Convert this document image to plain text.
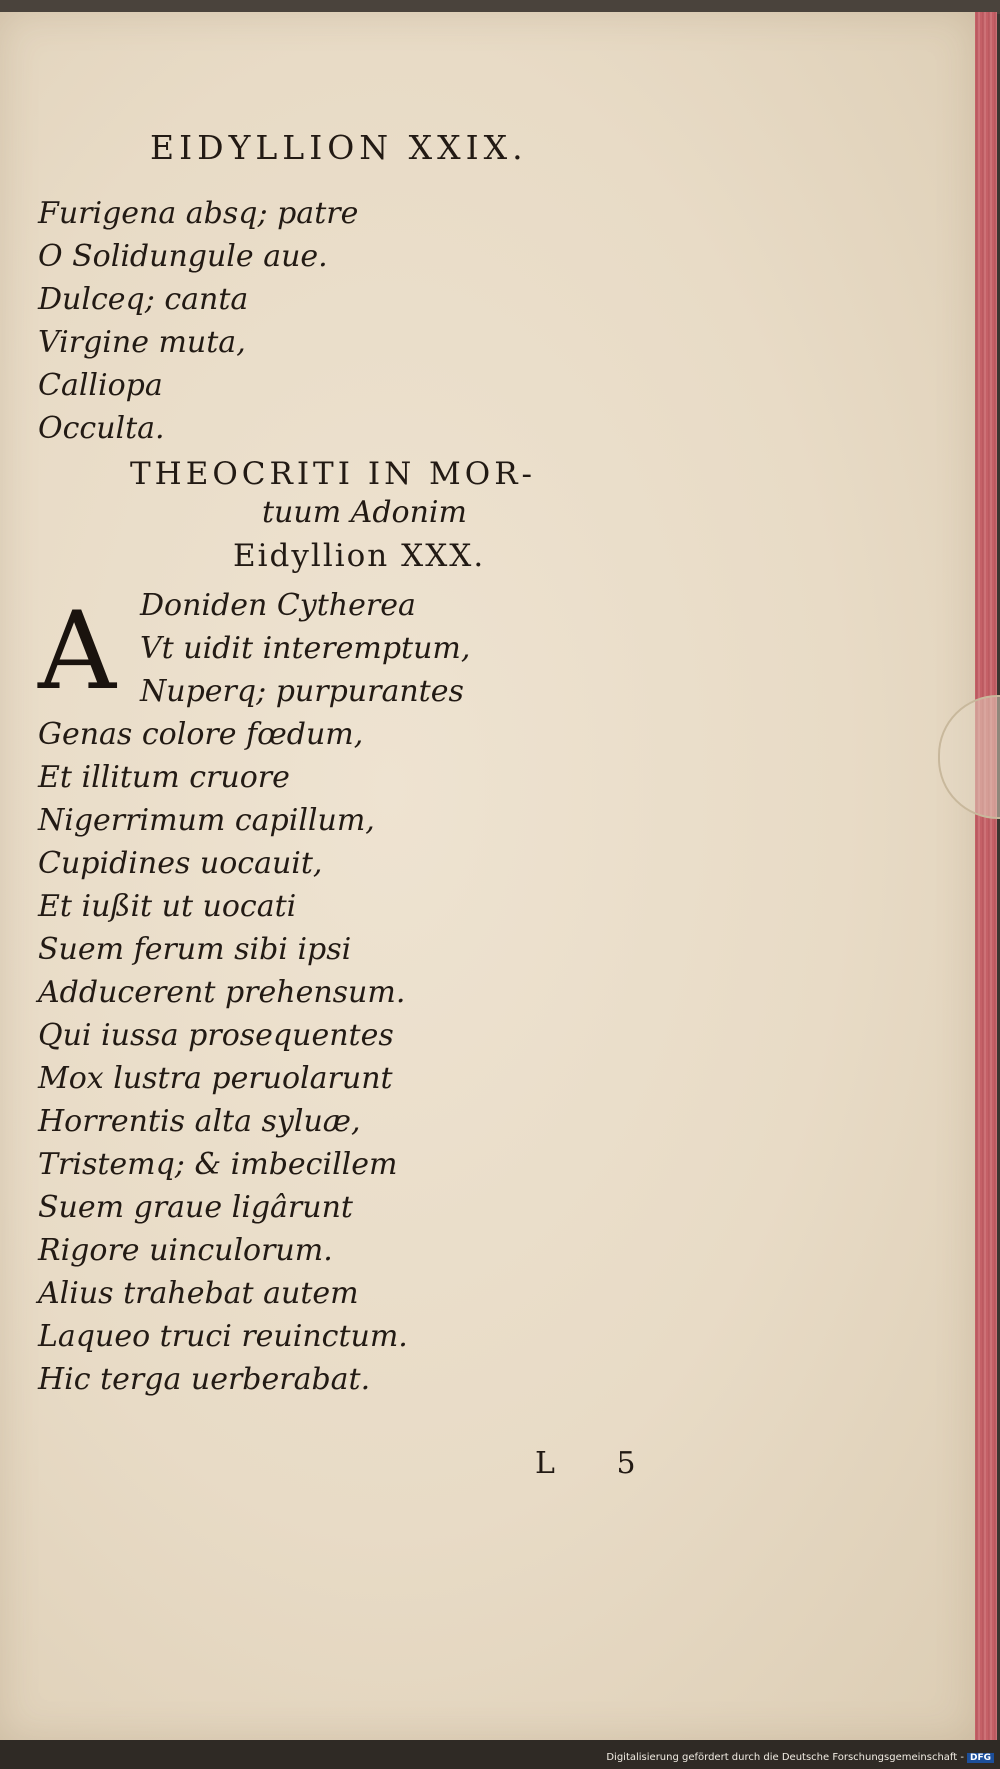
EIDYLLION XXIX.
Furigena absq; patre
O Solidungule aue.
Dulceq; canta
Virgine muta,
Calliopa
Occulta.
THEOCRITI IN MOR-
tuum Adonim
Eidyllion XXX.
A Doniden Cytherea
Vt uidit interemptum,
Nuperq; purpurantes
Genas colore fœdum,
Et illitum cruore
Nigerrimum capillum,
Cupidines uocauit,
Et iußit ut uocati
Suem ferum sibi ipsi
Adducerent prehensum.
Qui iussa prosequentes
Mox lustra peruolarunt
Horrentis alta syluæ,
Tristemq; & imbecillem
Suem graue ligârunt
Rigore uinculorum.
Alius trahebat autem
Laqueo truci reuinctum.
Hic terga uerberabat.
L 5
Digitalisierung gefördert durch die Deutsche Forschungsgemeinschaft - DFG
